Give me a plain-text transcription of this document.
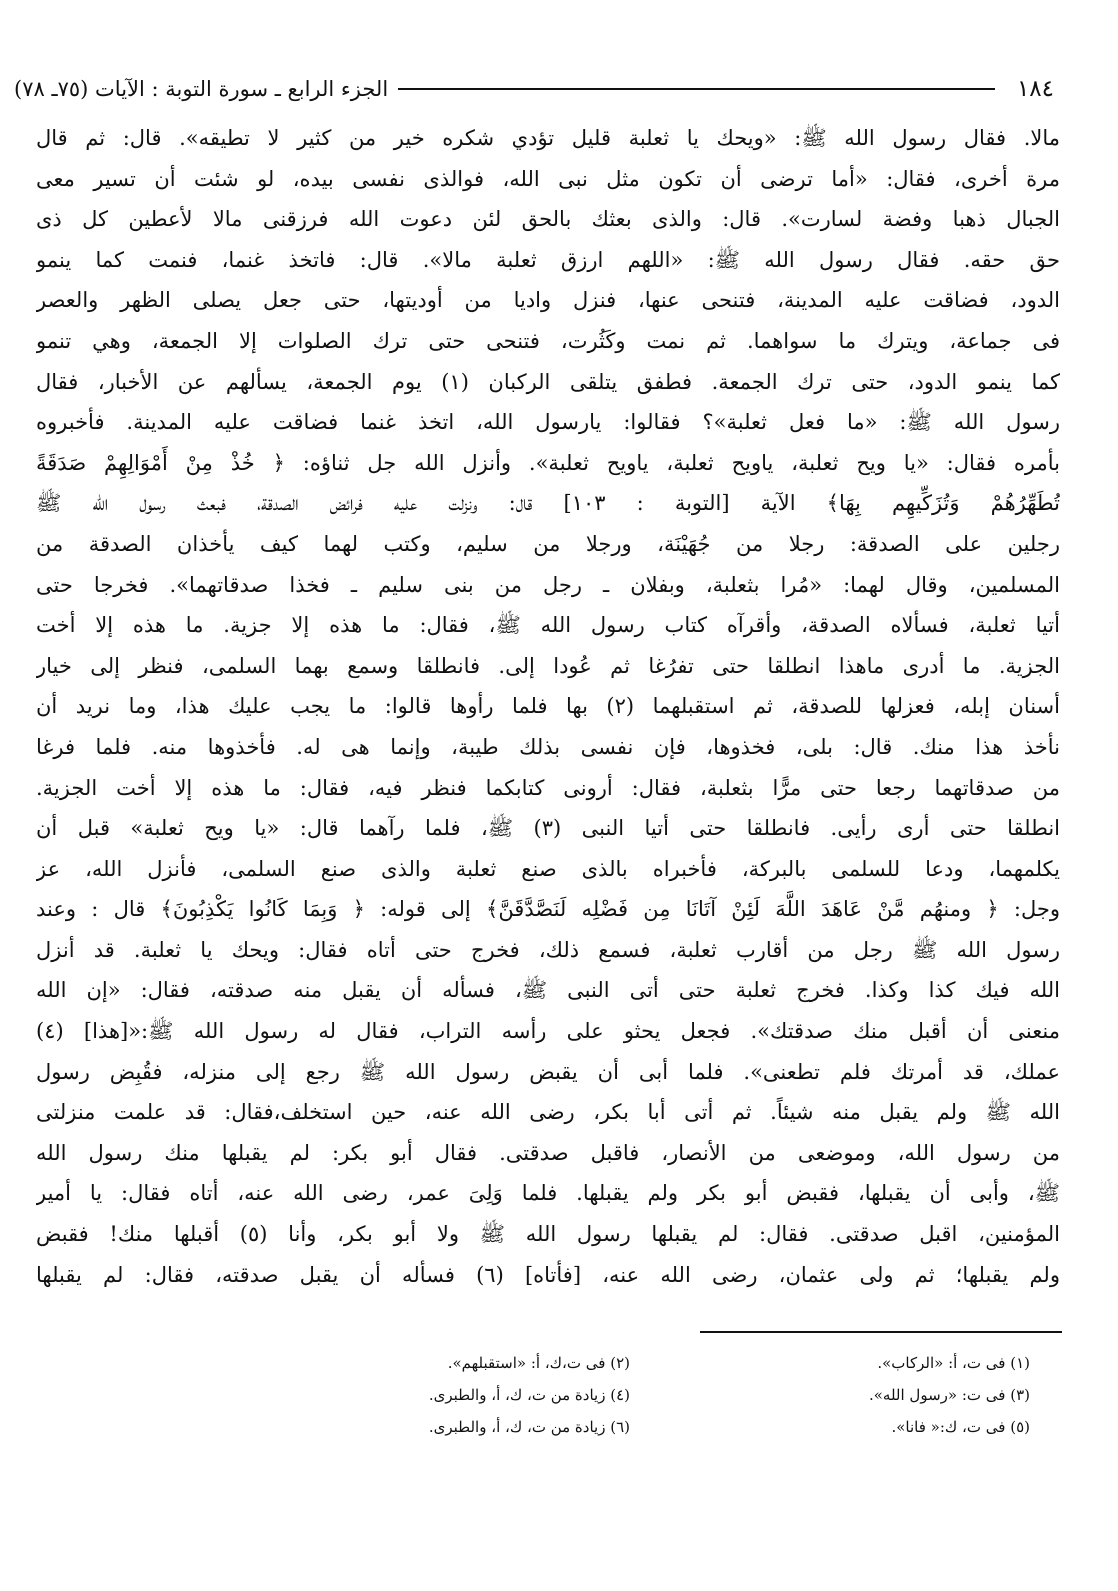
١٨٤
الجزء الرابع ـ سورة التوبة : الآيات (٧٥ـ ٧٨)
مالا. فقال رسول الله ﷺ: «ويحك يا ثعلبة قليل تؤدي شكره خير من كثير لا تطيقه». قال: ثم قال
مرة أخرى، فقال: «أما ترضى أن تكون مثل نبى الله، فوالذى نفسى بيده، لو شئت أن تسير معى
الجبال ذهبا وفضة لسارت». قال: والذى بعثك بالحق لئن دعوت الله فرزقنى مالا لأعطين كل ذى
حق حقه. فقال رسول الله ﷺ: «اللهم ارزق ثعلبة مالا». قال: فاتخذ غنما، فنمت كما ينمو
الدود، فضاقت عليه المدينة، فتنحى عنها، فنزل واديا من أوديتها، حتى جعل يصلى الظهر والعصر
فى جماعة، ويترك ما سواهما. ثم نمت وكَثُرت، فتنحى حتى ترك الصلوات إلا الجمعة، وهي تنمو
كما ينمو الدود، حتى ترك الجمعة. فطفق يتلقى الركبان (١) يوم الجمعة، يسألهم عن الأخبار، فقال
رسول الله ﷺ: «ما فعل ثعلبة»؟ فقالوا: يارسول الله، اتخذ غنما فضاقت عليه المدينة. فأخبروه
بأمره فقال: «يا ويح ثعلبة، ياويح ثعلبة، ياويح ثعلبة». وأنزل الله جل ثناؤه: ﴿ خُذْ مِنْ أَمْوَالِهِمْ صَدَقَةً
تُطَهِّرُهُمْ وَتُزَكِّيهِم بِهَا﴾ الآية [التوبة : ١٠٣] قال: ونزلت عليه فرائض الصدقة، فبعث رسول الله ﷺ
رجلين على الصدقة: رجلا من جُهَيْنَة، ورجلا من سليم، وكتب لهما كيف يأخذان الصدقة من
المسلمين، وقال لهما: «مُرا بثعلبة، وبفلان ـ رجل من بنى سليم ـ فخذا صدقاتهما». فخرجا حتى
أتيا ثعلبة، فسألاه الصدقة، وأقرآه كتاب رسول الله ﷺ، فقال: ما هذه إلا جزية. ما هذه إلا أخت
الجزية. ما أدرى ماهذا انطلقا حتى تفرُغا ثم عُودا إلى. فانطلقا وسمع بهما السلمى، فنظر إلى خيار
أسنان إبله، فعزلها للصدقة، ثم استقبلهما (٢) بها فلما رأوها قالوا: ما يجب عليك هذا، وما نريد أن
نأخذ هذا منك. قال: بلى، فخذوها، فإن نفسى بذلك طيبة، وإنما هى له. فأخذوها منه. فلما فرغا
من صدقاتهما رجعا حتى مرًّا بثعلبة، فقال: أرونى كتابكما فنظر فيه، فقال: ما هذه إلا أخت الجزية.
انطلقا حتى أرى رأيى. فانطلقا حتى أتيا النبى (٣) ﷺ، فلما رآهما قال: «يا ويح ثعلبة» قبل أن
يكلمهما، ودعا للسلمى بالبركة، فأخبراه بالذى صنع ثعلبة والذى صنع السلمى، فأنزل الله، عز
وجل: ﴿ ومنهُم مَّنْ عَاهَدَ اللَّهَ لَئِنْ آتَانَا مِن فَضْلِه لَنَصَّدَّقَنَّ﴾ إلى قوله: ﴿ وَبِمَا كَانُوا يَكْذِبُونَ﴾ قال : وعند
رسول الله ﷺ رجل من أقارب ثعلبة، فسمع ذلك، فخرج حتى أتاه فقال: ويحك يا ثعلبة. قد أنزل
الله فيك كذا وكذا. فخرج ثعلبة حتى أتى النبى ﷺ، فسأله أن يقبل منه صدقته، فقال: «إن الله
منعنى أن أقبل منك صدقتك». فجعل يحثو على رأسه التراب، فقال له رسول الله ﷺ:«[هذا] (٤)
عملك، قد أمرتك فلم تطعنى». فلما أبى أن يقبض رسول الله ﷺ رجع إلى منزله، فقُبِض رسول
الله ﷺ ولم يقبل منه شيئاً. ثم أتى أبا بكر، رضى الله عنه، حين استخلف،فقال: قد علمت منزلتى
من رسول الله، وموضعى من الأنصار، فاقبل صدقتى. فقال أبو بكر: لم يقبلها منك رسول الله
ﷺ، وأبى أن يقبلها، فقبض أبو بكر ولم يقبلها. فلما وَلِىَ عمر، رضى الله عنه، أتاه فقال: يا أمير
المؤمنين، اقبل صدقتى. فقال: لم يقبلها رسول الله ﷺ ولا أبو بكر، وأنا (٥) أقبلها منك! فقبض
ولم يقبلها؛ ثم ولى عثمان، رضى الله عنه، [فأتاه] (٦) فسأله أن يقبل صدقته، فقال: لم يقبلها
(١) فى ت، أ: «الركاب».
(٢) فى ت،ك، أ: «استقبلهم».
(٣) فى ت: «رسول الله».
(٤) زيادة من ت، ك، أ، والطبرى.
(٥) فى ت، ك:« فانا».
(٦) زيادة من ت، ك، أ، والطبرى.
